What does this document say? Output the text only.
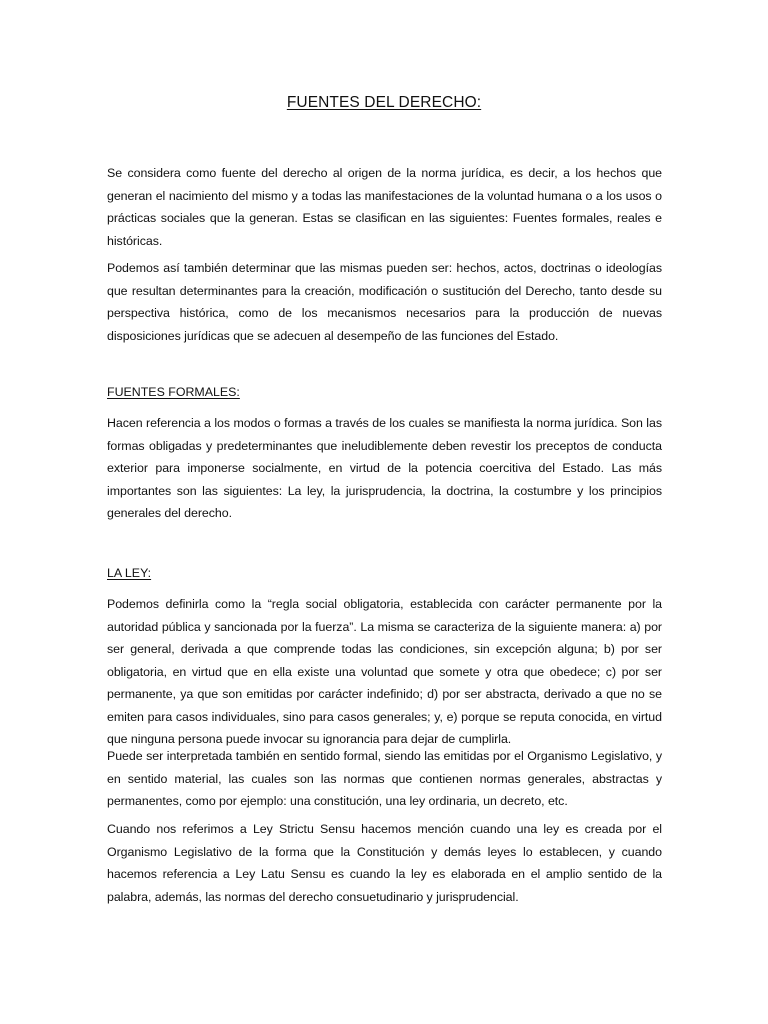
FUENTES DEL DERECHO:

Se considera como fuente del derecho al origen de la norma jurídica, es decir, a los hechos que generan el nacimiento del mismo y a todas las manifestaciones de la voluntad humana o a los usos o prácticas sociales que la generan. Estas se clasifican en las siguientes: Fuentes formales, reales e históricas.

Podemos así también determinar que las mismas pueden ser: hechos, actos, doctrinas o ideologías que resultan determinantes para la creación, modificación o sustitución del Derecho, tanto desde su perspectiva histórica, como de los mecanismos necesarios para la producción de nuevas disposiciones jurídicas que se adecuen al desempeño de las funciones del Estado.

FUENTES FORMALES:

Hacen referencia a los modos o formas a través de los cuales se manifiesta la norma jurídica. Son las formas obligadas y predeterminantes que ineludiblemente deben revestir los preceptos de conducta exterior para imponerse socialmente, en virtud de la potencia coercitiva del Estado. Las más importantes son las siguientes: La ley, la jurisprudencia, la doctrina, la costumbre y los principios generales del derecho.

LA LEY:

Podemos definirla como la “regla social obligatoria, establecida con carácter permanente por la autoridad pública y sancionada por la fuerza”. La misma se caracteriza de la siguiente manera: a) por ser general, derivada a que comprende todas las condiciones, sin excepción alguna; b) por ser obligatoria, en virtud que en ella existe una voluntad que somete y otra que obedece; c) por ser permanente, ya que son emitidas por carácter indefinido; d) por ser abstracta, derivado a que no se emiten para casos individuales, sino para casos generales; y, e) porque se reputa conocida, en virtud que ninguna persona puede invocar su ignorancia para dejar de cumplirla.

Puede ser interpretada también en sentido formal, siendo las emitidas por el Organismo Legislativo, y en sentido material, las cuales son las normas que contienen normas generales, abstractas y permanentes, como por ejemplo: una constitución, una ley ordinaria, un decreto, etc.

Cuando nos referimos a Ley Strictu Sensu hacemos mención cuando una ley es creada por el Organismo Legislativo de la forma que la Constitución y demás leyes lo establecen, y cuando hacemos referencia a Ley Latu Sensu es cuando la ley es elaborada en el amplio sentido de la palabra, además, las normas del derecho consuetudinario y jurisprudencial.
